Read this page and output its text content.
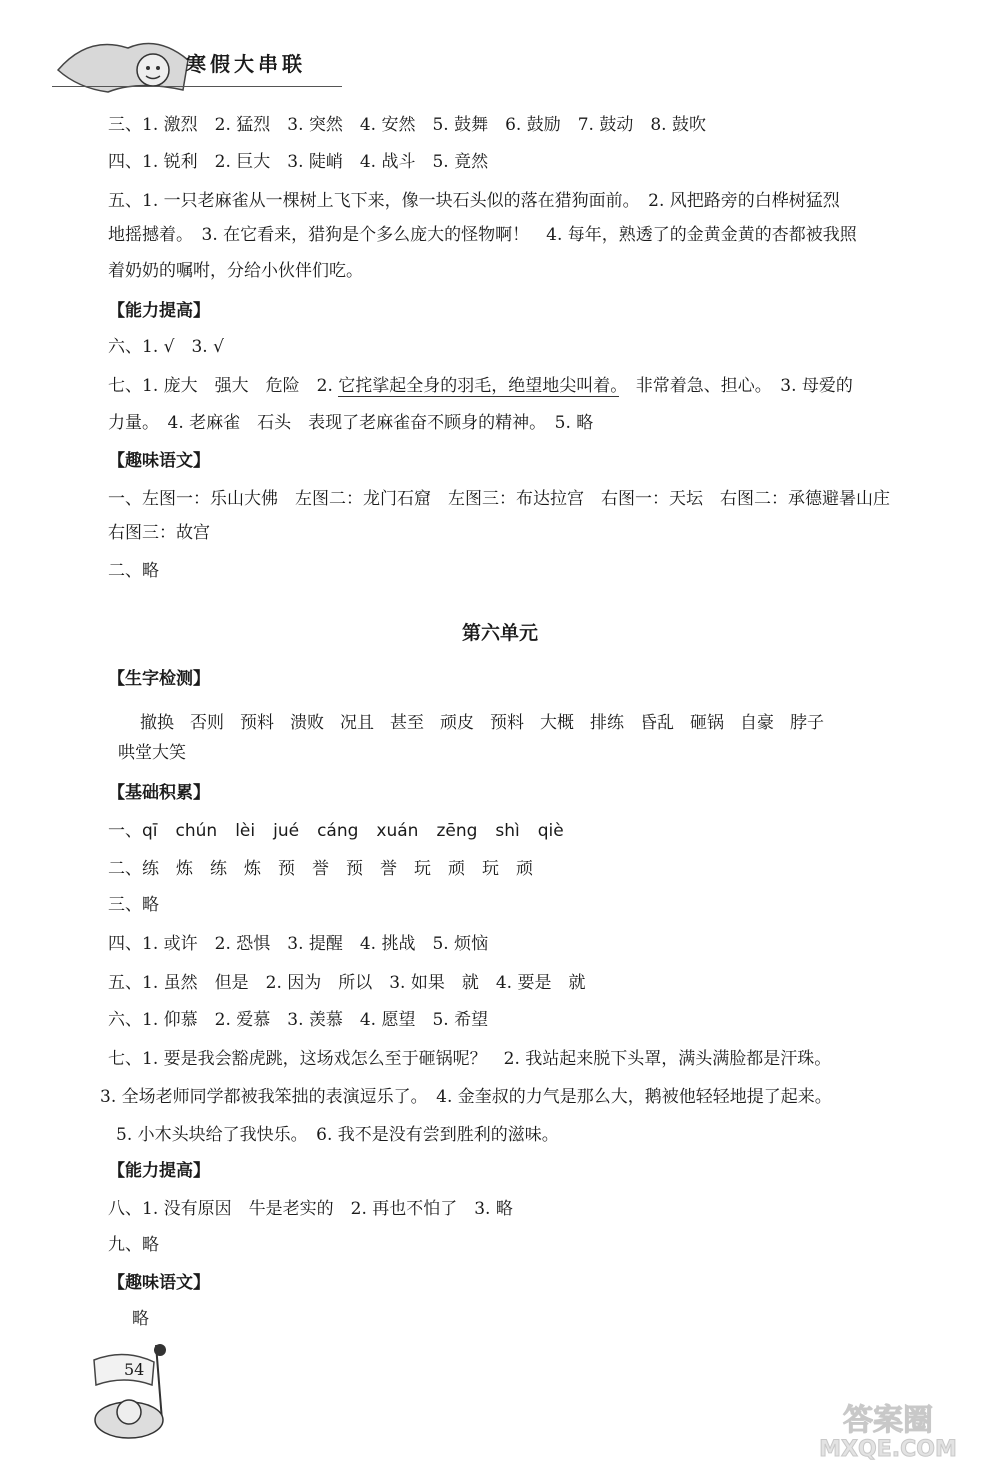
寒假大串联
三、1. 激烈　2. 猛烈　3. 突然　4. 安然　5. 鼓舞　6. 鼓励　7. 鼓动　8. 鼓吹
四、1. 锐利　2. 巨大　3. 陡峭　4. 战斗　5. 竟然
五、1. 一只老麻雀从一棵树上飞下来，像一块石头似的落在猎狗面前。　2. 风把路旁的白桦树猛烈
地摇撼着。　3. 在它看来，猎狗是个多么庞大的怪物啊！　4. 每年，熟透了的金黄金黄的杏都被我照
着奶奶的嘱咐，分给小伙伴们吃。
【能力提高】
六、1. √　3. √
七、1. 庞大　强大　危险　2. 它挓挲起全身的羽毛，绝望地尖叫着。　非常着急、担心。　3. 母爱的
力量。　4. 老麻雀　石头　表现了老麻雀奋不顾身的精神。　5. 略
【趣味语文】
一、左图一：乐山大佛　左图二：龙门石窟　左图三：布达拉宫　右图一：天坛　右图二：承德避暑山庄
右图三：故宫
二、略
第六单元
【生字检测】
撤换 否则 预料 溃败 况且 甚至 顽皮 预料 大概 排练 昏乱 砸锅 自豪 脖子
哄堂大笑
【基础积累】
一、qī chún lèi jué cáng xuán zēng shì qiè
二、练　炼　练　炼　预　誉　预　誉　玩　顽　玩　顽
三、略
四、1. 或许　2. 恐惧　3. 提醒　4. 挑战　5. 烦恼
五、1. 虽然　但是　2. 因为　所以　3. 如果　就　4. 要是　就
六、1. 仰慕　2. 爱慕　3. 羡慕　4. 愿望　5. 希望
七、1. 要是我会豁虎跳，这场戏怎么至于砸锅呢？　2. 我站起来脱下头罩，满头满脸都是汗珠。
3. 全场老师同学都被我笨拙的表演逗乐了。　4. 金奎叔的力气是那么大，鹅被他轻轻地提了起来。
5. 小木头块给了我快乐。　6. 我不是没有尝到胜利的滋味。
【能力提高】
八、1. 没有原因　牛是老实的　2. 再也不怕了　3. 略
九、略
【趣味语文】
略
54
答案圈
MXQE.COM
